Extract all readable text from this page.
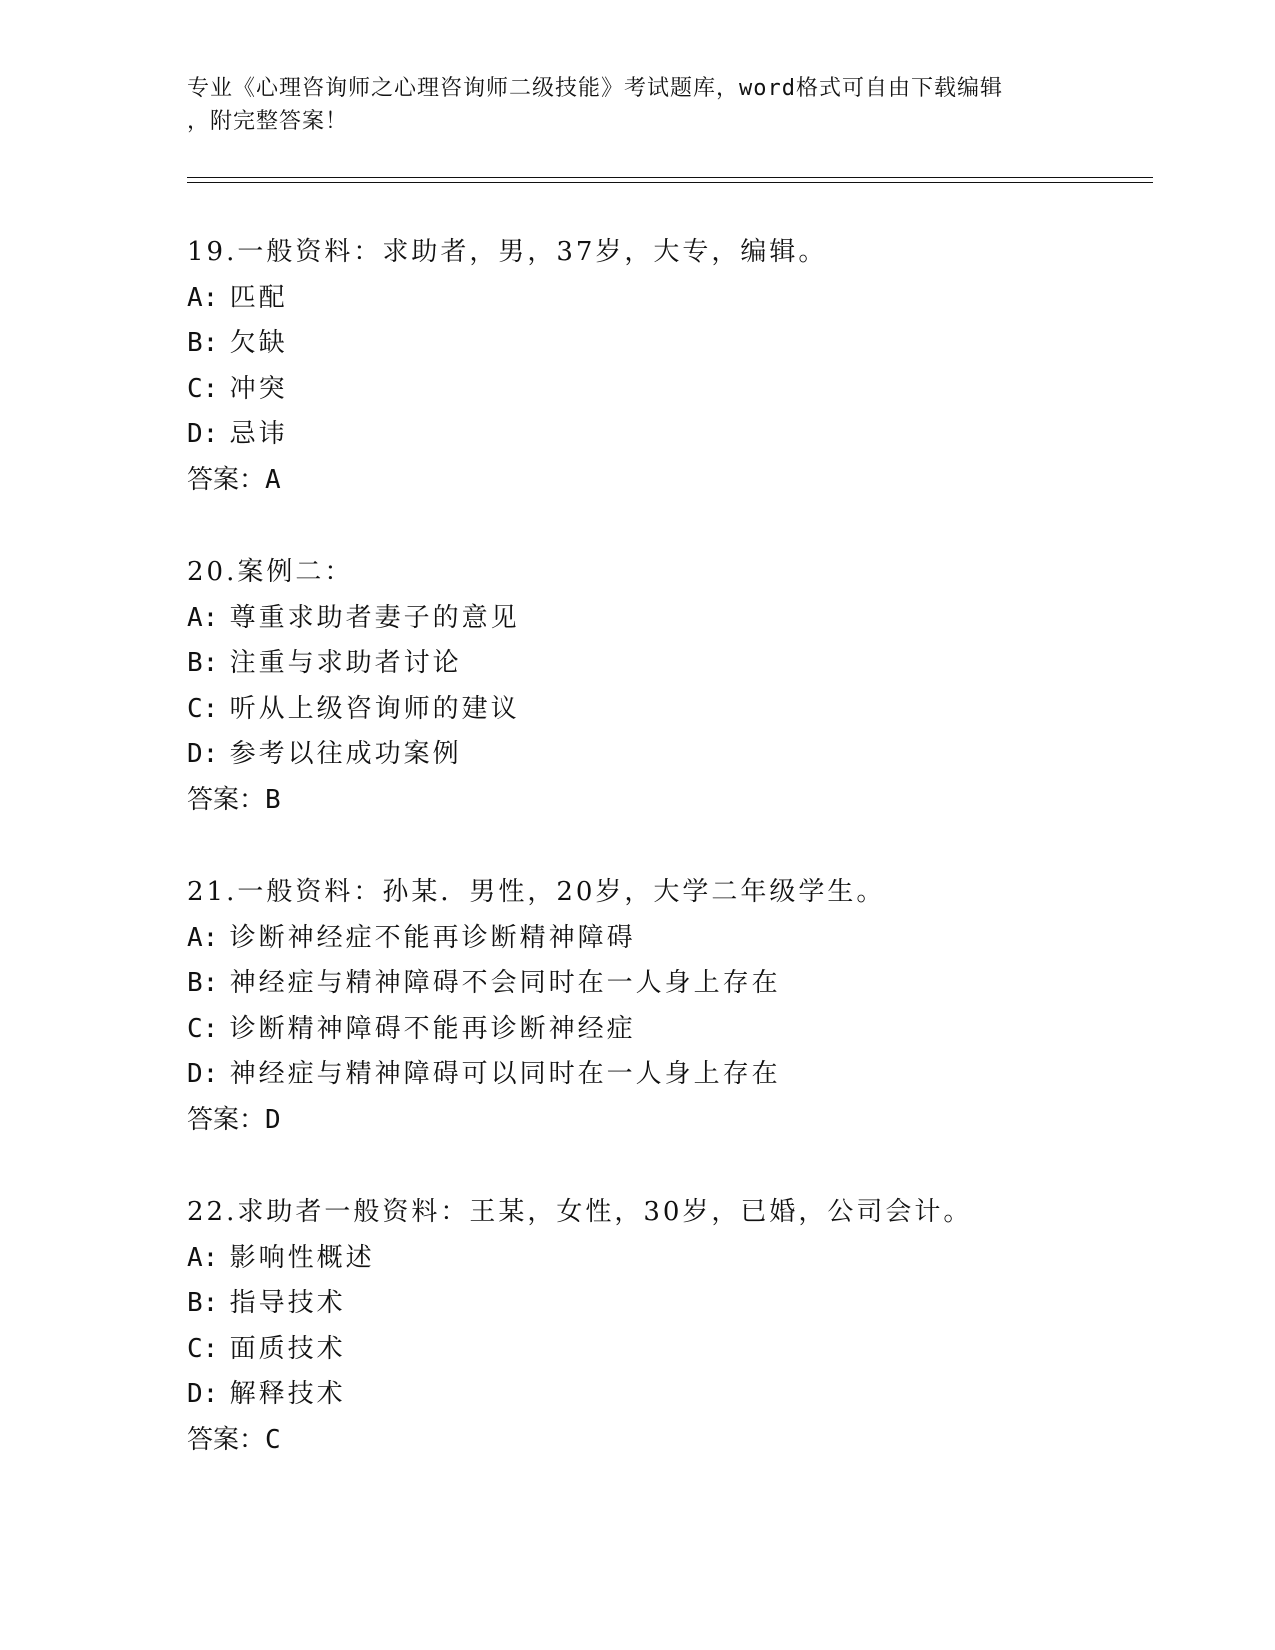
专业《心理咨询师之心理咨询师二级技能》考试题库，word格式可自由下载编辑
，附完整答案！
19.一般资料：求助者，男，37岁，大专，编辑。
A: 匹配
B: 欠缺
C: 冲突
D: 忌讳
答案：A
20.案例二：
A: 尊重求助者妻子的意见
B: 注重与求助者讨论
C: 听从上级咨询师的建议
D: 参考以往成功案例
答案：B
21.一般资料：孙某．男性，20岁，大学二年级学生。
A: 诊断神经症不能再诊断精神障碍
B: 神经症与精神障碍不会同时在一人身上存在
C: 诊断精神障碍不能再诊断神经症
D: 神经症与精神障碍可以同时在一人身上存在
答案：D
22.求助者一般资料：王某，女性，30岁，已婚，公司会计。
A: 影响性概述
B: 指导技术
C: 面质技术
D: 解释技术
答案：C
